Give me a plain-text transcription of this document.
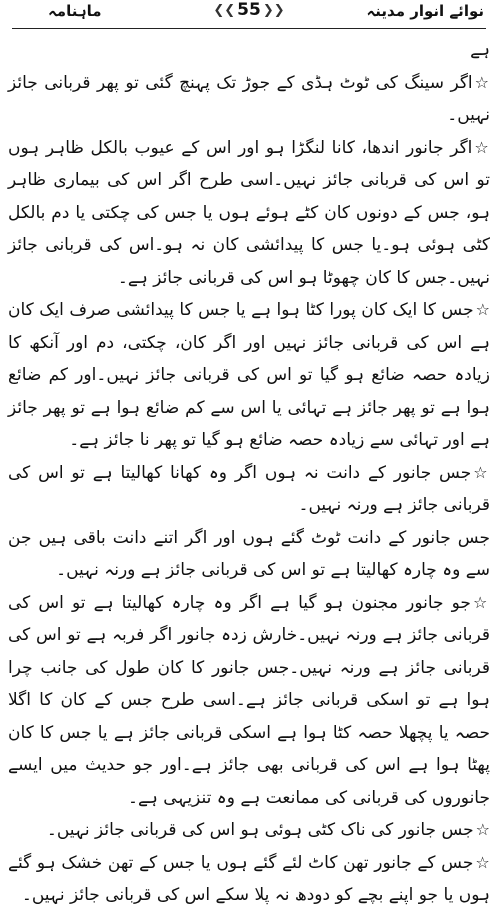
نوائے انوار مدینہ
❮❮ 55 ❯❯
ماہنامہ

ہے

☆اگر سینگ کی ٹوٹ ہڈی کے جوڑ تک پہنچ گئی تو پھر قربانی جائز نہیں۔

☆اگر جانور اندھا، کانا لنگڑا ہو اور اس کے عیوب بالکل ظاہر ہوں تو اس کی قربانی جائز نہیں۔اسی طرح اگر اس کی بیماری ظاہر ہو، جس کے دونوں کان کٹے ہوئے ہوں یا جس کی چکتی یا دم بالکل کٹی ہوئی ہو۔یا جس کا پیدائشی کان نہ ہو۔اس کی قربانی جائز نہیں۔جس کا کان چھوٹا ہو اس کی قربانی جائز ہے۔

☆جس کا ایک کان پورا کٹا ہوا ہے یا جس کا پیدائشی صرف ایک کان ہے اس کی قربانی جائز نہیں اور اگر کان، چکتی، دم اور آنکھ کا زیادہ حصہ ضائع ہو گیا تو اس کی قربانی جائز نہیں۔اور کم ضائع ہوا ہے تو پھر جائز ہے تہائی یا اس سے کم ضائع ہوا ہے تو پھر جائز ہے اور تہائی سے زیادہ حصہ ضائع ہو گیا تو پھر نا جائز ہے۔

☆جس جانور کے دانت نہ ہوں اگر وہ کھانا کھالیتا ہے تو اس کی قربانی جائز ہے ورنہ نہیں۔

جس جانور کے دانت ٹوٹ گئے ہوں اور اگر اتنے دانت باقی ہیں جن سے وہ چارہ کھالیتا ہے تو اس کی قربانی جائز ہے ورنہ نہیں۔

☆جو جانور مجنون ہو گیا ہے اگر وہ چارہ کھالیتا ہے تو اس کی قربانی جائز ہے ورنہ نہیں۔خارش زدہ جانور اگر فربہ ہے تو اس کی قربانی جائز ہے ورنہ نہیں۔جس جانور کا کان طول کی جانب چرا ہوا ہے تو اسکی قربانی جائز ہے۔اسی طرح جس کے کان کا اگلا حصہ یا پچھلا حصہ کٹا ہوا ہے اسکی قربانی جائز ہے یا جس کا کان پھٹا ہوا ہے اس کی قربانی بھی جائز ہے۔اور جو حدیث میں ایسے جانوروں کی قربانی کی ممانعت ہے وہ تنزیہی ہے۔

☆جس جانور کی ناک کٹی ہوئی ہو اس کی قربانی جائز نہیں۔

☆جس کے جانور تھن کاٹ لئے گئے ہوں یا جس کے تھن خشک ہو گئے ہوں یا جو اپنے بچے کو دودھ نہ پلا سکے اس کی قربانی جائز نہیں۔
